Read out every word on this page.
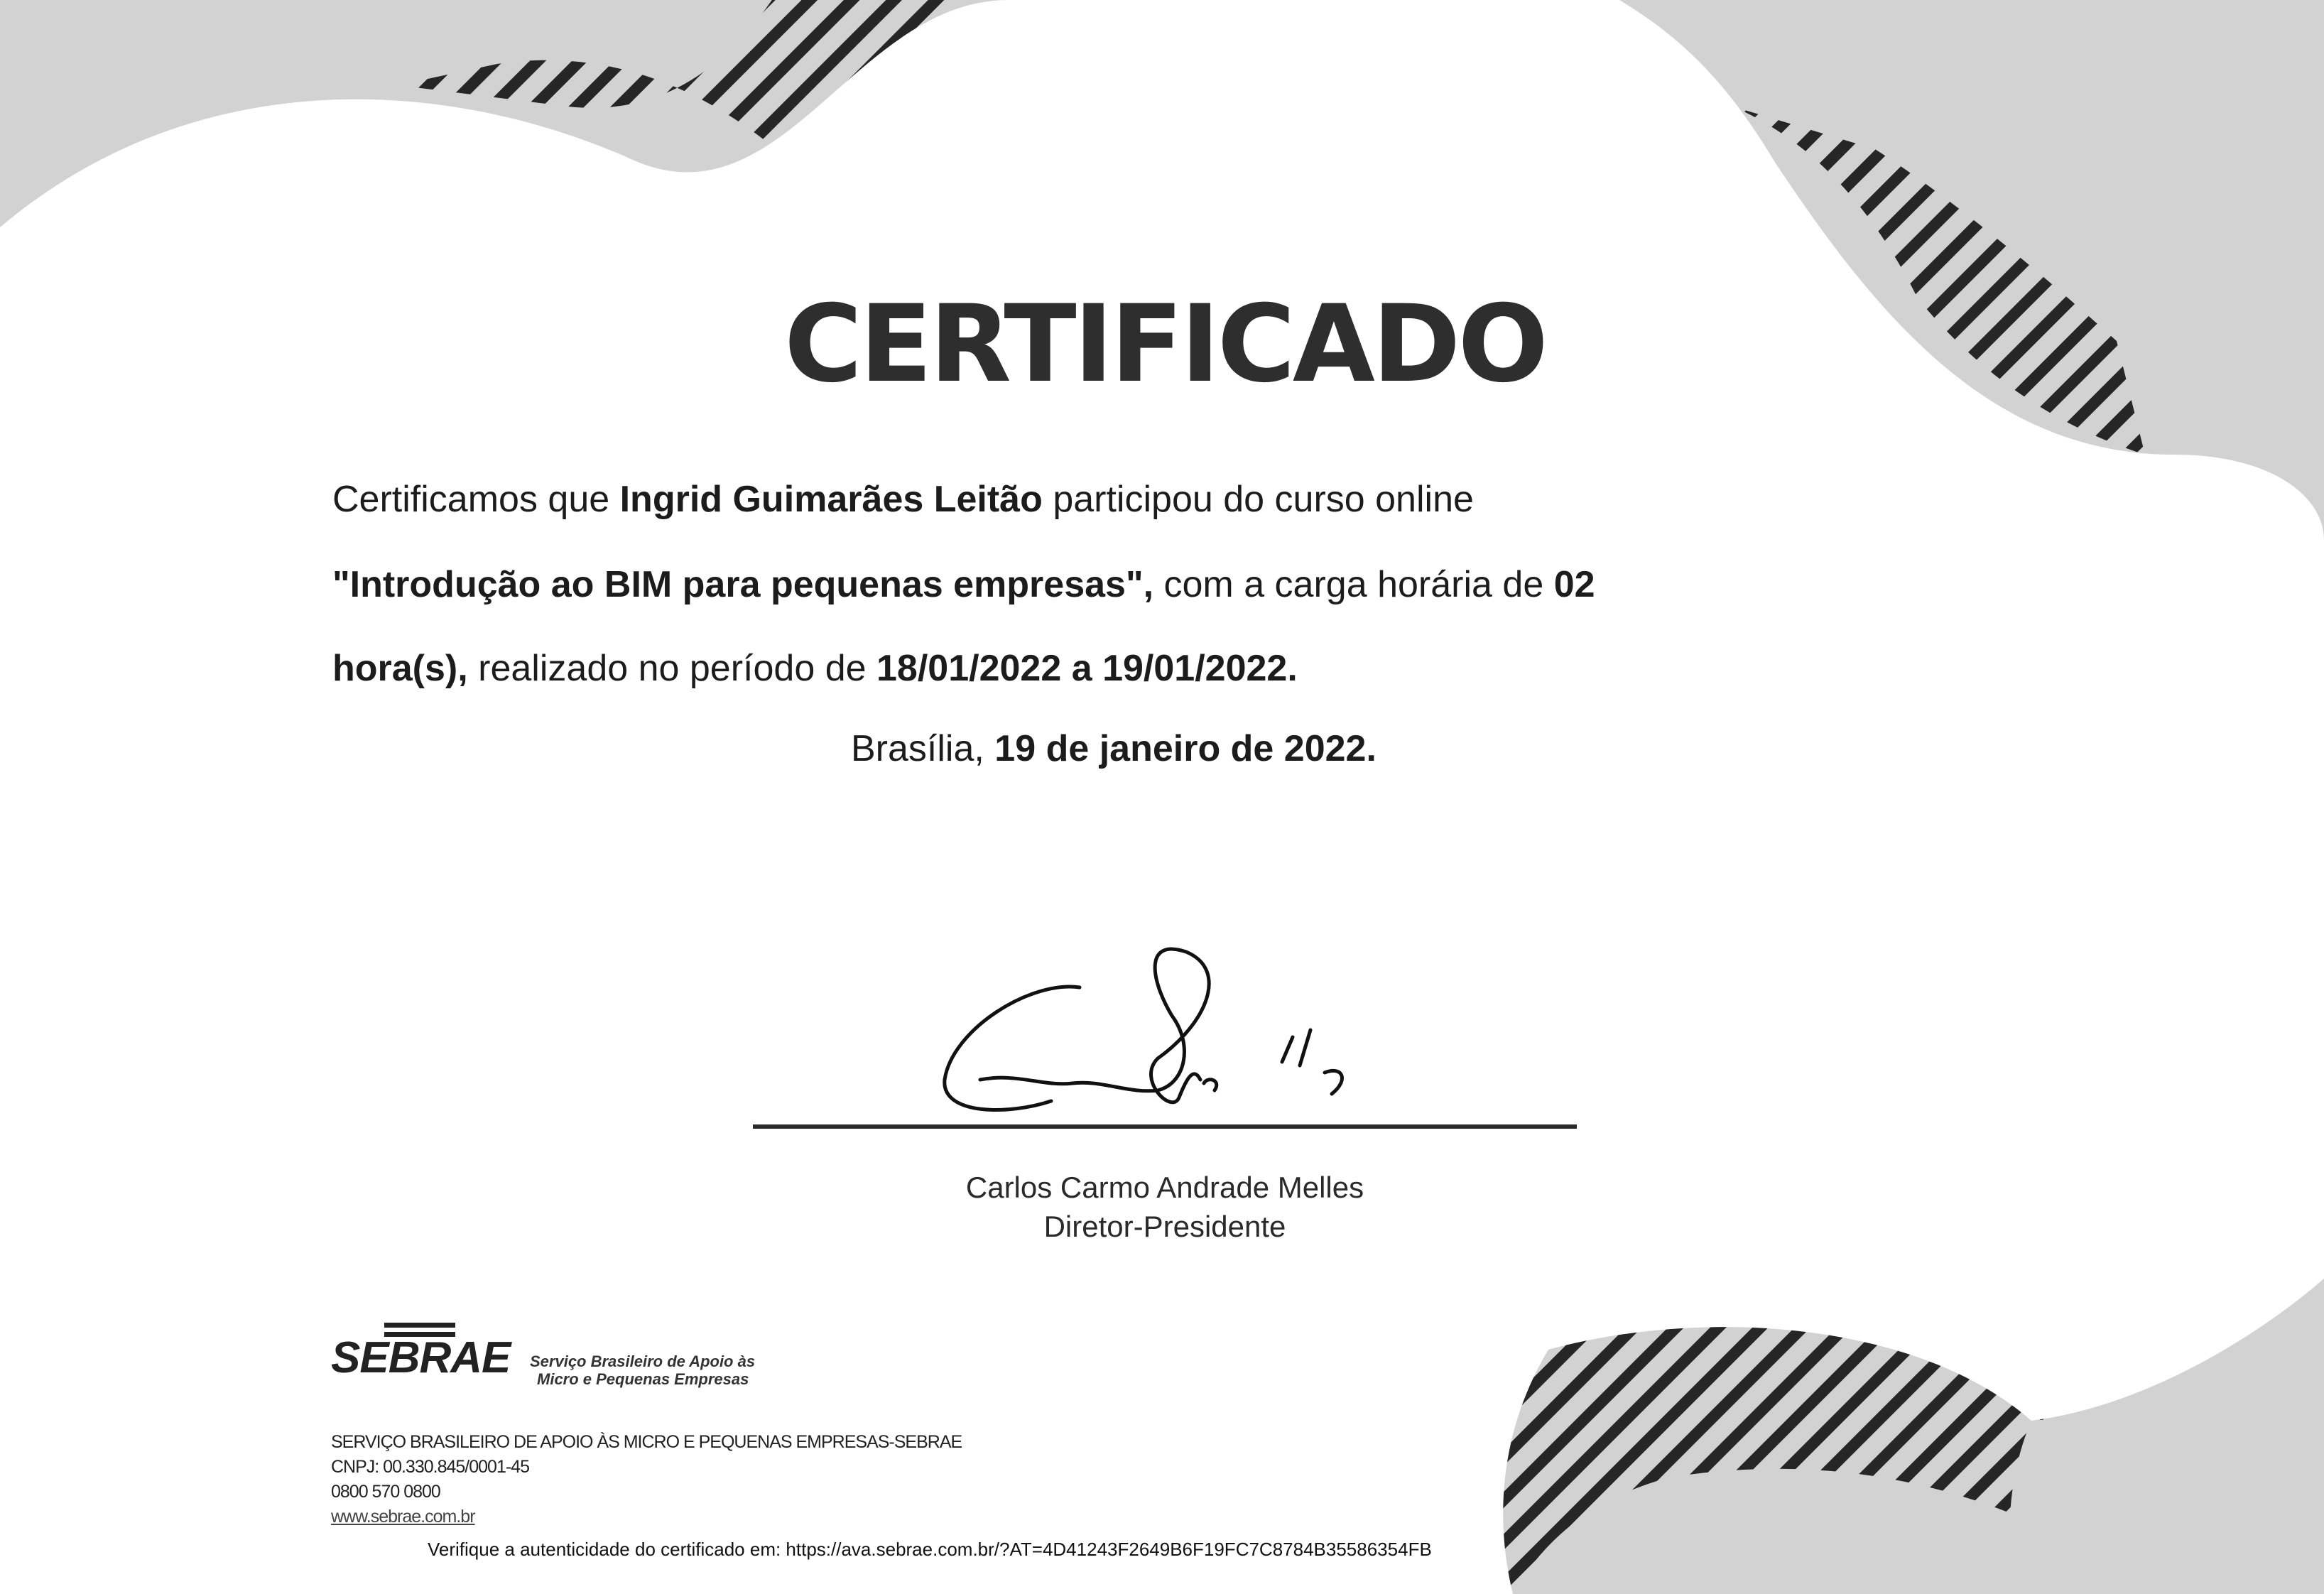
CERTIFICADO
Certificamos que Ingrid Guimarães Leitão participou do curso online
"Introdução ao BIM para pequenas empresas", com a carga horária de 02
hora(s), realizado no período de 18/01/2022 a 19/01/2022.
Brasília, 19 de janeiro de 2022.
Carlos Carmo Andrade Melles
Diretor-Presidente
SEBRAE Serviço Brasileiro de Apoio às
Micro e Pequenas Empresas
SERVIÇO BRASILEIRO DE APOIO ÀS MICRO E PEQUENAS EMPRESAS-SEBRAE
CNPJ: 00.330.845/0001-45
0800 570 0800
www.sebrae.com.br
Verifique a autenticidade do certificado em: https://ava.sebrae.com.br/?AT=4D41243F2649B6F19FC7C8784B35586354FB
